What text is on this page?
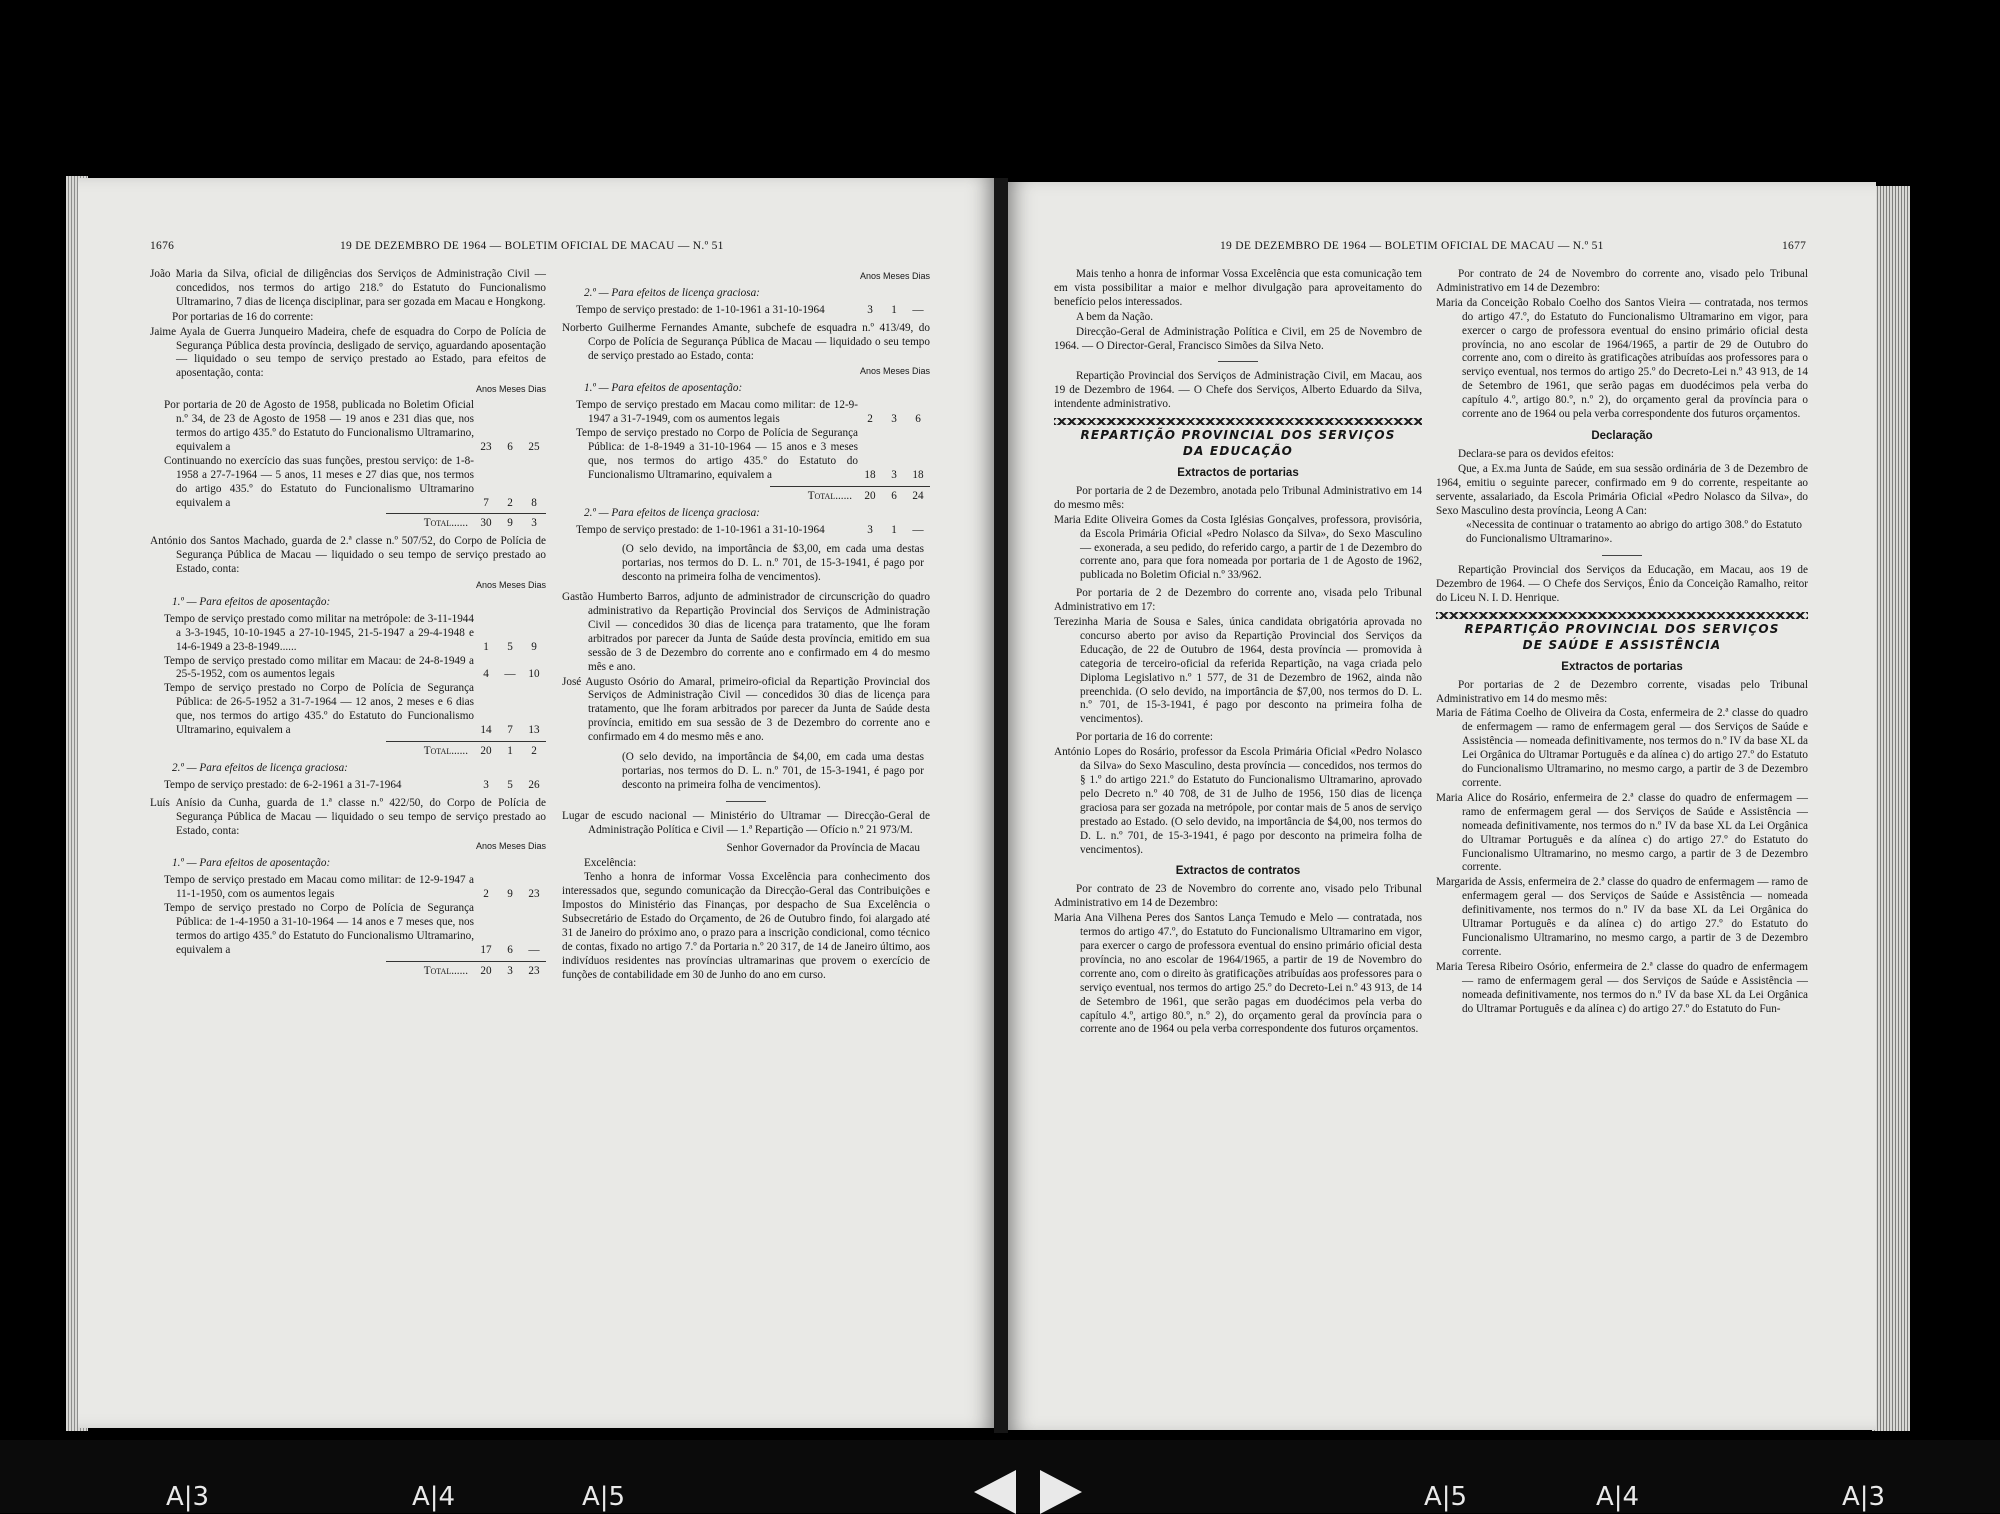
1676	19 DE DEZEMBRO DE 1964 — BOLETIM OFICIAL DE MACAU — N.º 51

João Maria da Silva, oficial de diligências dos Serviços de Administração Civil — concedidos, nos termos do artigo 218.º do Estatuto do Funcionalismo Ultramarino, 7 dias de licença disciplinar, para ser gozada em Macau e Hongkong.

Por portarias de 16 do corrente:

Jaime Ayala de Guerra Junqueiro Madeira, chefe de esquadra do Corpo de Polícia de Segurança Pública desta província, desligado de serviço, aguardando aposentação — liquidado o seu tempo de serviço prestado ao Estado, para efeitos de aposentação, conta:

Anos Meses Dias

Por portaria de 20 de Agosto de 1958, publicada no Boletim Oficial n.º 34, de 23 de Agosto de 1958 — 19 anos e 231 dias que, nos termos do artigo 435.º do Estatuto do Funcionalismo Ultramarino, equivalem a	23	6	25
Continuando no exercício das suas funções, prestou serviço: de 1-8-1958 a 27-7-1964 — 5 anos, 11 meses e 27 dias que, nos termos do artigo 435.º do Estatuto do Funcionalismo Ultramarino equivalem a	7	2	8
Total......	30	9	3

António dos Santos Machado, guarda de 2.ª classe n.º 507/52, do Corpo de Polícia de Segurança Pública de Macau — liquidado o seu tempo de serviço prestado ao Estado, conta:

Anos Meses Dias

1.º — Para efeitos de aposentação:

Tempo de serviço prestado como militar na metrópole: de 3-11-1944 a 3-3-1945, 10-10-1945 a 27-10-1945, 21-5-1947 a 29-4-1948 e 14-6-1949 a 23-8-1949......	1	5	9
Tempo de serviço prestado como militar em Macau: de 24-8-1949 a 25-5-1952, com os aumentos legais	4	—	10
Tempo de serviço prestado no Corpo de Polícia de Segurança Pública: de 26-5-1952 a 31-7-1964 — 12 anos, 2 meses e 6 dias que, nos termos do artigo 435.º do Estatuto do Funcionalismo Ultramarino, equivalem a	14	7	13
Total......	20	1	2

2.º — Para efeitos de licença graciosa:

Tempo de serviço prestado: de 6-2-1961 a 31-7-1964	3	5	26

Luís Anísio da Cunha, guarda de 1.ª classe n.º 422/50, do Corpo de Polícia de Segurança Pública de Macau — liquidado o seu tempo de serviço prestado ao Estado, conta:

Anos Meses Dias

1.º — Para efeitos de aposentação:

Tempo de serviço prestado em Macau como militar: de 12-9-1947 a 11-1-1950, com os aumentos legais	2	9	23
Tempo de serviço prestado no Corpo de Polícia de Segurança Pública: de 1-4-1950 a 31-10-1964 — 14 anos e 7 meses que, nos termos do artigo 435.º do Estatuto do Funcionalismo Ultramarino, equivalem a	17	6	—
Total......	20	3	23

Anos Meses Dias

2.º — Para efeitos de licença graciosa:

Tempo de serviço prestado: de 1-10-1961 a 31-10-1964	3	1	—

Norberto Guilherme Fernandes Amante, subchefe de esquadra n.º 413/49, do Corpo de Polícia de Segurança Pública de Macau — liquidado o seu tempo de serviço prestado ao Estado, conta:

Anos Meses Dias

1.º — Para efeitos de aposentação:

Tempo de serviço prestado em Macau como militar: de 12-9-1947 a 31-7-1949, com os aumentos legais	2	3	6
Tempo de serviço prestado no Corpo de Polícia de Segurança Pública: de 1-8-1949 a 31-10-1964 — 15 anos e 3 meses que, nos termos do artigo 435.º do Estatuto do Funcionalismo Ultramarino, equivalem a	18	3	18
Total......	20	6	24

2.º — Para efeitos de licença graciosa:

Tempo de serviço prestado: de 1-10-1961 a 31-10-1964	3	1	—

(O selo devido, na importância de $3,00, em cada uma destas portarias, nos termos do D. L. n.º 701, de 15-3-1941, é pago por desconto na primeira folha de vencimentos).

Gastão Humberto Barros, adjunto de administrador de circunscrição do quadro administrativo da Repartição Provincial dos Serviços de Administração Civil — concedidos 30 dias de licença para tratamento, que lhe foram arbitrados por parecer da Junta de Saúde desta província, emitido em sua sessão de 3 de Dezembro do corrente ano e confirmado em 4 do mesmo mês e ano.

José Augusto Osório do Amaral, primeiro-oficial da Repartição Provincial dos Serviços de Administração Civil — concedidos 30 dias de licença para tratamento, que lhe foram arbitrados por parecer da Junta de Saúde desta província, emitido em sua sessão de 3 de Dezembro do corrente ano e confirmado em 4 do mesmo mês e ano.

(O selo devido, na importância de $4,00, em cada uma destas portarias, nos termos do D. L. n.º 701, de 15-3-1941, é pago por desconto na primeira folha de vencimentos).

Lugar de escudo nacional — Ministério do Ultramar — Direcção-Geral de Administração Política e Civil — 1.ª Repartição — Ofício n.º 21 973/M.

Senhor Governador da Província de Macau

Excelência:

Tenho a honra de informar Vossa Excelência para conhecimento dos interessados que, segundo comunicação da Direcção-Geral das Contribuições e Impostos do Ministério das Finanças, por despacho de Sua Excelência o Subsecretário de Estado do Orçamento, de 26 de Outubro findo, foi alargado até 31 de Janeiro do próximo ano, o prazo para a inscrição condicional, como técnico de contas, fixado no artigo 7.º da Portaria n.º 20 317, de 14 de Janeiro último, aos indivíduos residentes nas províncias ultramarinas que provem o exercício de funções de contabilidade em 30 de Junho do ano em curso.

19 DE DEZEMBRO DE 1964 — BOLETIM OFICIAL DE MACAU — N.º 51	1677

Mais tenho a honra de informar Vossa Excelência que esta comunicação tem em vista possibilitar a maior e melhor divulgação para aproveitamento do benefício pelos interessados.

A bem da Nação.

Direcção-Geral de Administração Política e Civil, em 25 de Novembro de 1964. — O Director-Geral, Francisco Simões da Silva Neto.

Repartição Provincial dos Serviços de Administração Civil, em Macau, aos 19 de Dezembro de 1964. — O Chefe dos Serviços, Alberto Eduardo da Silva, intendente administrativo.

REPARTIÇÃO PROVINCIAL DOS SERVIÇOS

DA EDUCAÇÃO

Extractos de portarias

Por portaria de 2 de Dezembro, anotada pelo Tribunal Administrativo em 14 do mesmo mês:

Maria Edite Oliveira Gomes da Costa Iglésias Gonçalves, professora, provisória, da Escola Primária Oficial «Pedro Nolasco da Silva», do Sexo Masculino — exonerada, a seu pedido, do referido cargo, a partir de 1 de Dezembro do corrente ano, para que fora nomeada por portaria de 1 de Agosto de 1962, publicada no Boletim Oficial n.º 33/962.

Por portaria de 2 de Dezembro do corrente ano, visada pelo Tribunal Administrativo em 17:

Terezinha Maria de Sousa e Sales, única candidata obrigatória aprovada no concurso aberto por aviso da Repartição Provincial dos Serviços da Educação, de 22 de Outubro de 1964, desta província — promovida à categoria de terceiro-oficial da referida Repartição, na vaga criada pelo Diploma Legislativo n.º 1 577, de 31 de Dezembro de 1962, ainda não preenchida. (O selo devido, na importância de $7,00, nos termos do D. L. n.º 701, de 15-3-1941, é pago por desconto na primeira folha de vencimentos).

Por portaria de 16 do corrente:

António Lopes do Rosário, professor da Escola Primária Oficial «Pedro Nolasco da Silva» do Sexo Masculino, desta província — concedidos, nos termos do § 1.º do artigo 221.º do Estatuto do Funcionalismo Ultramarino, aprovado pelo Decreto n.º 40 708, de 31 de Julho de 1956, 150 dias de licença graciosa para ser gozada na metrópole, por contar mais de 5 anos de serviço prestado ao Estado. (O selo devido, na importância de $4,00, nos termos do D. L. n.º 701, de 15-3-1941, é pago por desconto na primeira folha de vencimentos).

Extractos de contratos

Por contrato de 23 de Novembro do corrente ano, visado pelo Tribunal Administrativo em 14 de Dezembro:

Maria Ana Vilhena Peres dos Santos Lança Temudo e Melo — contratada, nos termos do artigo 47.º, do Estatuto do Funcionalismo Ultramarino em vigor, para exercer o cargo de professora eventual do ensino primário oficial desta província, no ano escolar de 1964/1965, a partir de 19 de Novembro do corrente ano, com o direito às gratificações atribuídas aos professores para o serviço eventual, nos termos do artigo 25.º do Decreto-Lei n.º 43 913, de 14 de Setembro de 1961, que serão pagas em duodécimos pela verba do capítulo 4.º, artigo 80.º, n.º 2), do orçamento geral da província para o corrente ano de 1964 ou pela verba correspondente dos futuros orçamentos.

Por contrato de 24 de Novembro do corrente ano, visado pelo Tribunal Administrativo em 14 de Dezembro:

Maria da Conceição Robalo Coelho dos Santos Vieira — contratada, nos termos do artigo 47.º, do Estatuto do Funcionalismo Ultramarino em vigor, para exercer o cargo de professora eventual do ensino primário oficial desta província, no ano escolar de 1964/1965, a partir de 29 de Outubro do corrente ano, com o direito às gratificações atribuídas aos professores para o serviço eventual, nos termos do artigo 25.º do Decreto-Lei n.º 43 913, de 14 de Setembro de 1961, que serão pagas em duodécimos pela verba do capítulo 4.º, artigo 80.º, n.º 2), do orçamento geral da província para o corrente ano de 1964 ou pela verba correspondente dos futuros orçamentos.

Declaração

Declara-se para os devidos efeitos:

Que, a Ex.ma Junta de Saúde, em sua sessão ordinária de 3 de Dezembro de 1964, emitiu o seguinte parecer, confirmado em 9 do corrente, respeitante ao servente, assalariado, da Escola Primária Oficial «Pedro Nolasco da Silva», do Sexo Masculino desta província, Leong A Can:

«Necessita de continuar o tratamento ao abrigo do artigo 308.º do Estatuto do Funcionalismo Ultramarino».

Repartição Provincial dos Serviços da Educação, em Macau, aos 19 de Dezembro de 1964. — O Chefe dos Serviços, Énio da Conceição Ramalho, reitor do Liceu N. I. D. Henrique.

REPARTIÇÃO PROVINCIAL DOS SERVIÇOS

DE SAÚDE E ASSISTÊNCIA

Extractos de portarias

Por portarias de 2 de Dezembro corrente, visadas pelo Tribunal Administrativo em 14 do mesmo mês:

Maria de Fátima Coelho de Oliveira da Costa, enfermeira de 2.ª classe do quadro de enfermagem — ramo de enfermagem geral — dos Serviços de Saúde e Assistência — nomeada definitivamente, nos termos do n.º IV da base XL da Lei Orgânica do Ultramar Português e da alínea c) do artigo 27.º do Estatuto do Funcionalismo Ultramarino, no mesmo cargo, a partir de 3 de Dezembro corrente.

Maria Alice do Rosário, enfermeira de 2.ª classe do quadro de enfermagem — ramo de enfermagem geral — dos Serviços de Saúde e Assistência — nomeada definitivamente, nos termos do n.º IV da base XL da Lei Orgânica do Ultramar Português e da alínea c) do artigo 27.º do Estatuto do Funcionalismo Ultramarino, no mesmo cargo, a partir de 3 de Dezembro corrente.

Margarida de Assis, enfermeira de 2.ª classe do quadro de enfermagem — ramo de enfermagem geral — dos Serviços de Saúde e Assistência — nomeada definitivamente, nos termos do n.º IV da base XL da Lei Orgânica do Ultramar Português e da alínea c) do artigo 27.º do Estatuto do Funcionalismo Ultramarino, no mesmo cargo, a partir de 3 de Dezembro corrente.

Maria Teresa Ribeiro Osório, enfermeira de 2.ª classe do quadro de enfermagem — ramo de enfermagem geral — dos Serviços de Saúde e Assistência — nomeada definitivamente, nos termos do n.º IV da base XL da Lei Orgânica do Ultramar Português e da alínea c) do artigo 27.º do Estatuto do Fun-

A|3	A|4	A|5	A|5	A|4	A|3
